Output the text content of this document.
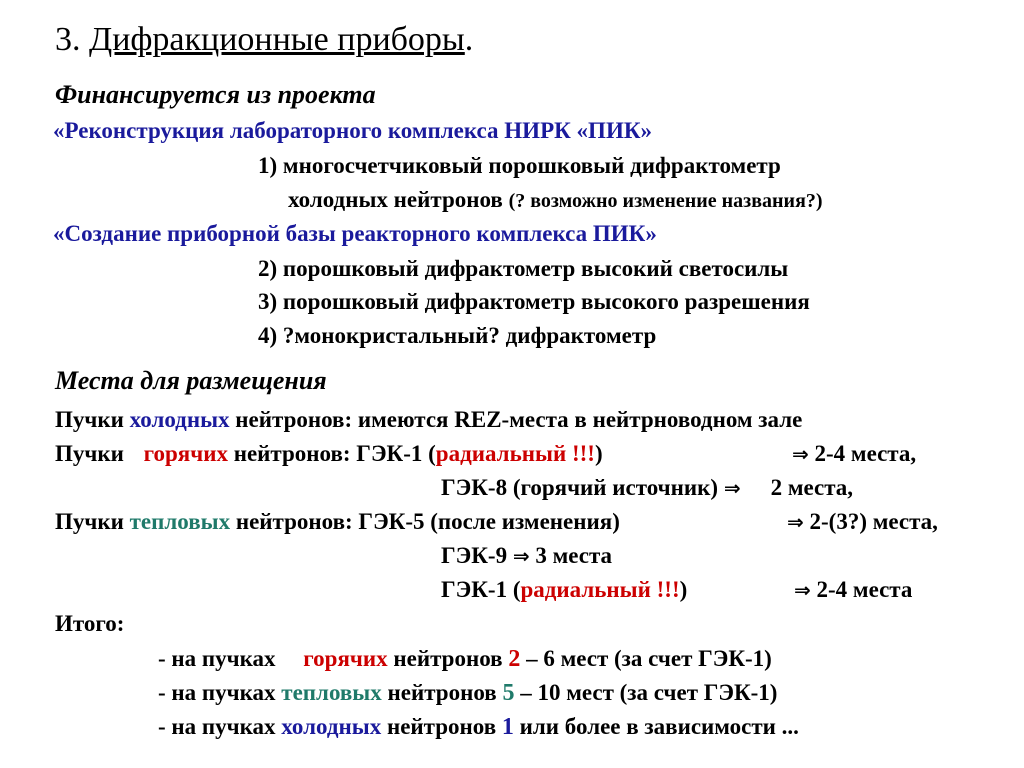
3. Дифракционные приборы.
Финансируется из проекта
«Реконструкция лабораторного комплекса НИРК «ПИК»
1) многосчетчиковый порошковый дифрактометр
холодных нейтронов (? возможно изменение названия?)
«Создание приборной базы реакторного комплекса ПИК»
2) порошковый дифрактометр высокий светосилы
3) порошковый дифрактометр высокого разрешения
4) ?монокристальный? дифрактометр
Места для размещения
Пучки холодных нейтронов: имеются REZ-места в нейтрноводном зале
Пучки горячих нейтронов: ГЭК-1 (радиальный !!!)	⇒ 2-4 места,
ГЭК-8 (горячий источник) ⇒ 2 места,
Пучки тепловых нейтронов: ГЭК-5 (после изменения)	⇒ 2-(3?) места,
ГЭК-9 ⇒ 3 места
ГЭК-1 (радиальный !!!)	⇒ 2-4 места
Итого:
- на пучках горячих нейтронов 2 – 6 мест (за счет ГЭК-1)
- на пучках тепловых нейтронов 5 – 10 мест (за счет ГЭК-1)
- на пучках холодных нейтронов 1 или более в зависимости ...
